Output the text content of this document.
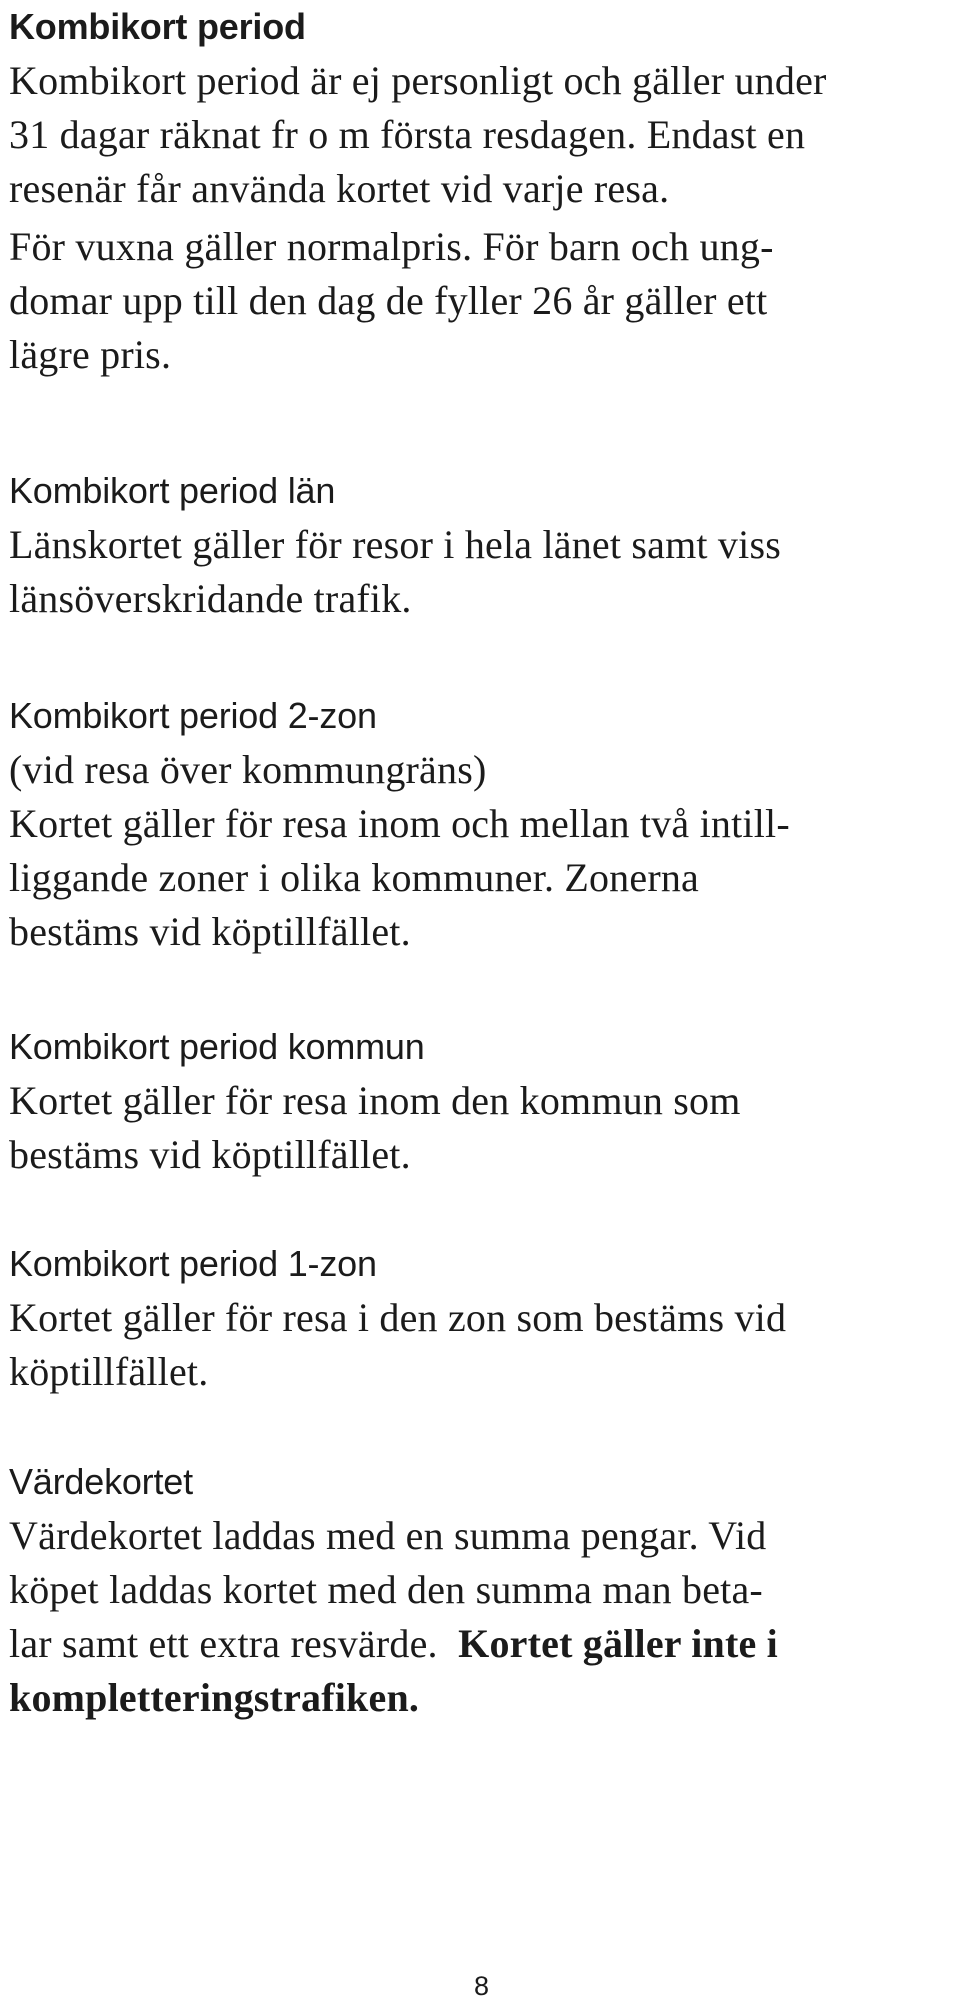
Kombikort period

Kombikort period är ej personligt och gäller under
31 dagar räknat fr o m första resdagen. Endast en
resenär får använda kortet vid varje resa.

För vuxna gäller normalpris. För barn och ung-
domar upp till den dag de fyller 26 år gäller ett
lägre pris.

Kombikort period län

Länskortet gäller för resor i hela länet samt viss
länsöverskridande trafik.

Kombikort period 2-zon

(vid resa över kommungräns)
Kortet gäller för resa inom och mellan två intill-
liggande zoner i olika kommuner. Zonerna
bestäms vid köptillfället.

Kombikort period kommun

Kortet gäller för resa inom den kommun som
bestäms vid köptillfället.

Kombikort period 1-zon

Kortet gäller för resa i den zon som bestäms vid
köptillfället.

Värdekortet

Värdekortet laddas med en summa pengar. Vid
köpet laddas kortet med den summa man beta-
lar samt ett extra resvärde. Kortet gäller inte i
kompletteringstrafiken.

8
